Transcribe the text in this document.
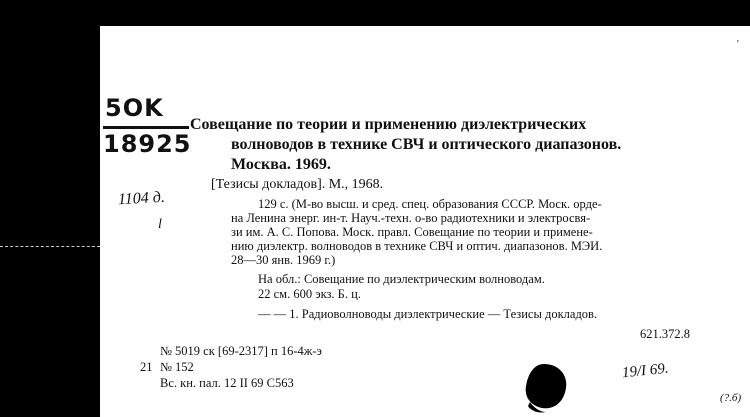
'
5OK
18925
Совещание по теории и применению диэлектрических
волноводов в технике СВЧ и оптического диапазонов.
Москва. 1969.
[Тезисы докладов]. М., 1968.
1104 д.
l
129 с. (М-во высш. и сред. спец. образования СССР. Моск. орде-
на Ленина энерг. ин-т. Науч.-техн. о-во радиотехники и электросвя-
зи им. А. С. Попова. Моск. правл. Совещание по теории и примене-
нию диэлектр. волноводов в технике СВЧ и оптич. диапазонов. МЭИ.
28—30 янв. 1969 г.)
На обл.: Совещание по диэлектрическим волноводам.
22 см. 600 экз. Б. ц.
— — 1. Радиоволноводы диэлектрические — Тезисы докладов.
621.372.8
№ 5019 ск [69-2317] п 16-4ж-э
21 № 152
Вс. кн. пал. 12 II 69 С563
19/I 69.
(?.б)
